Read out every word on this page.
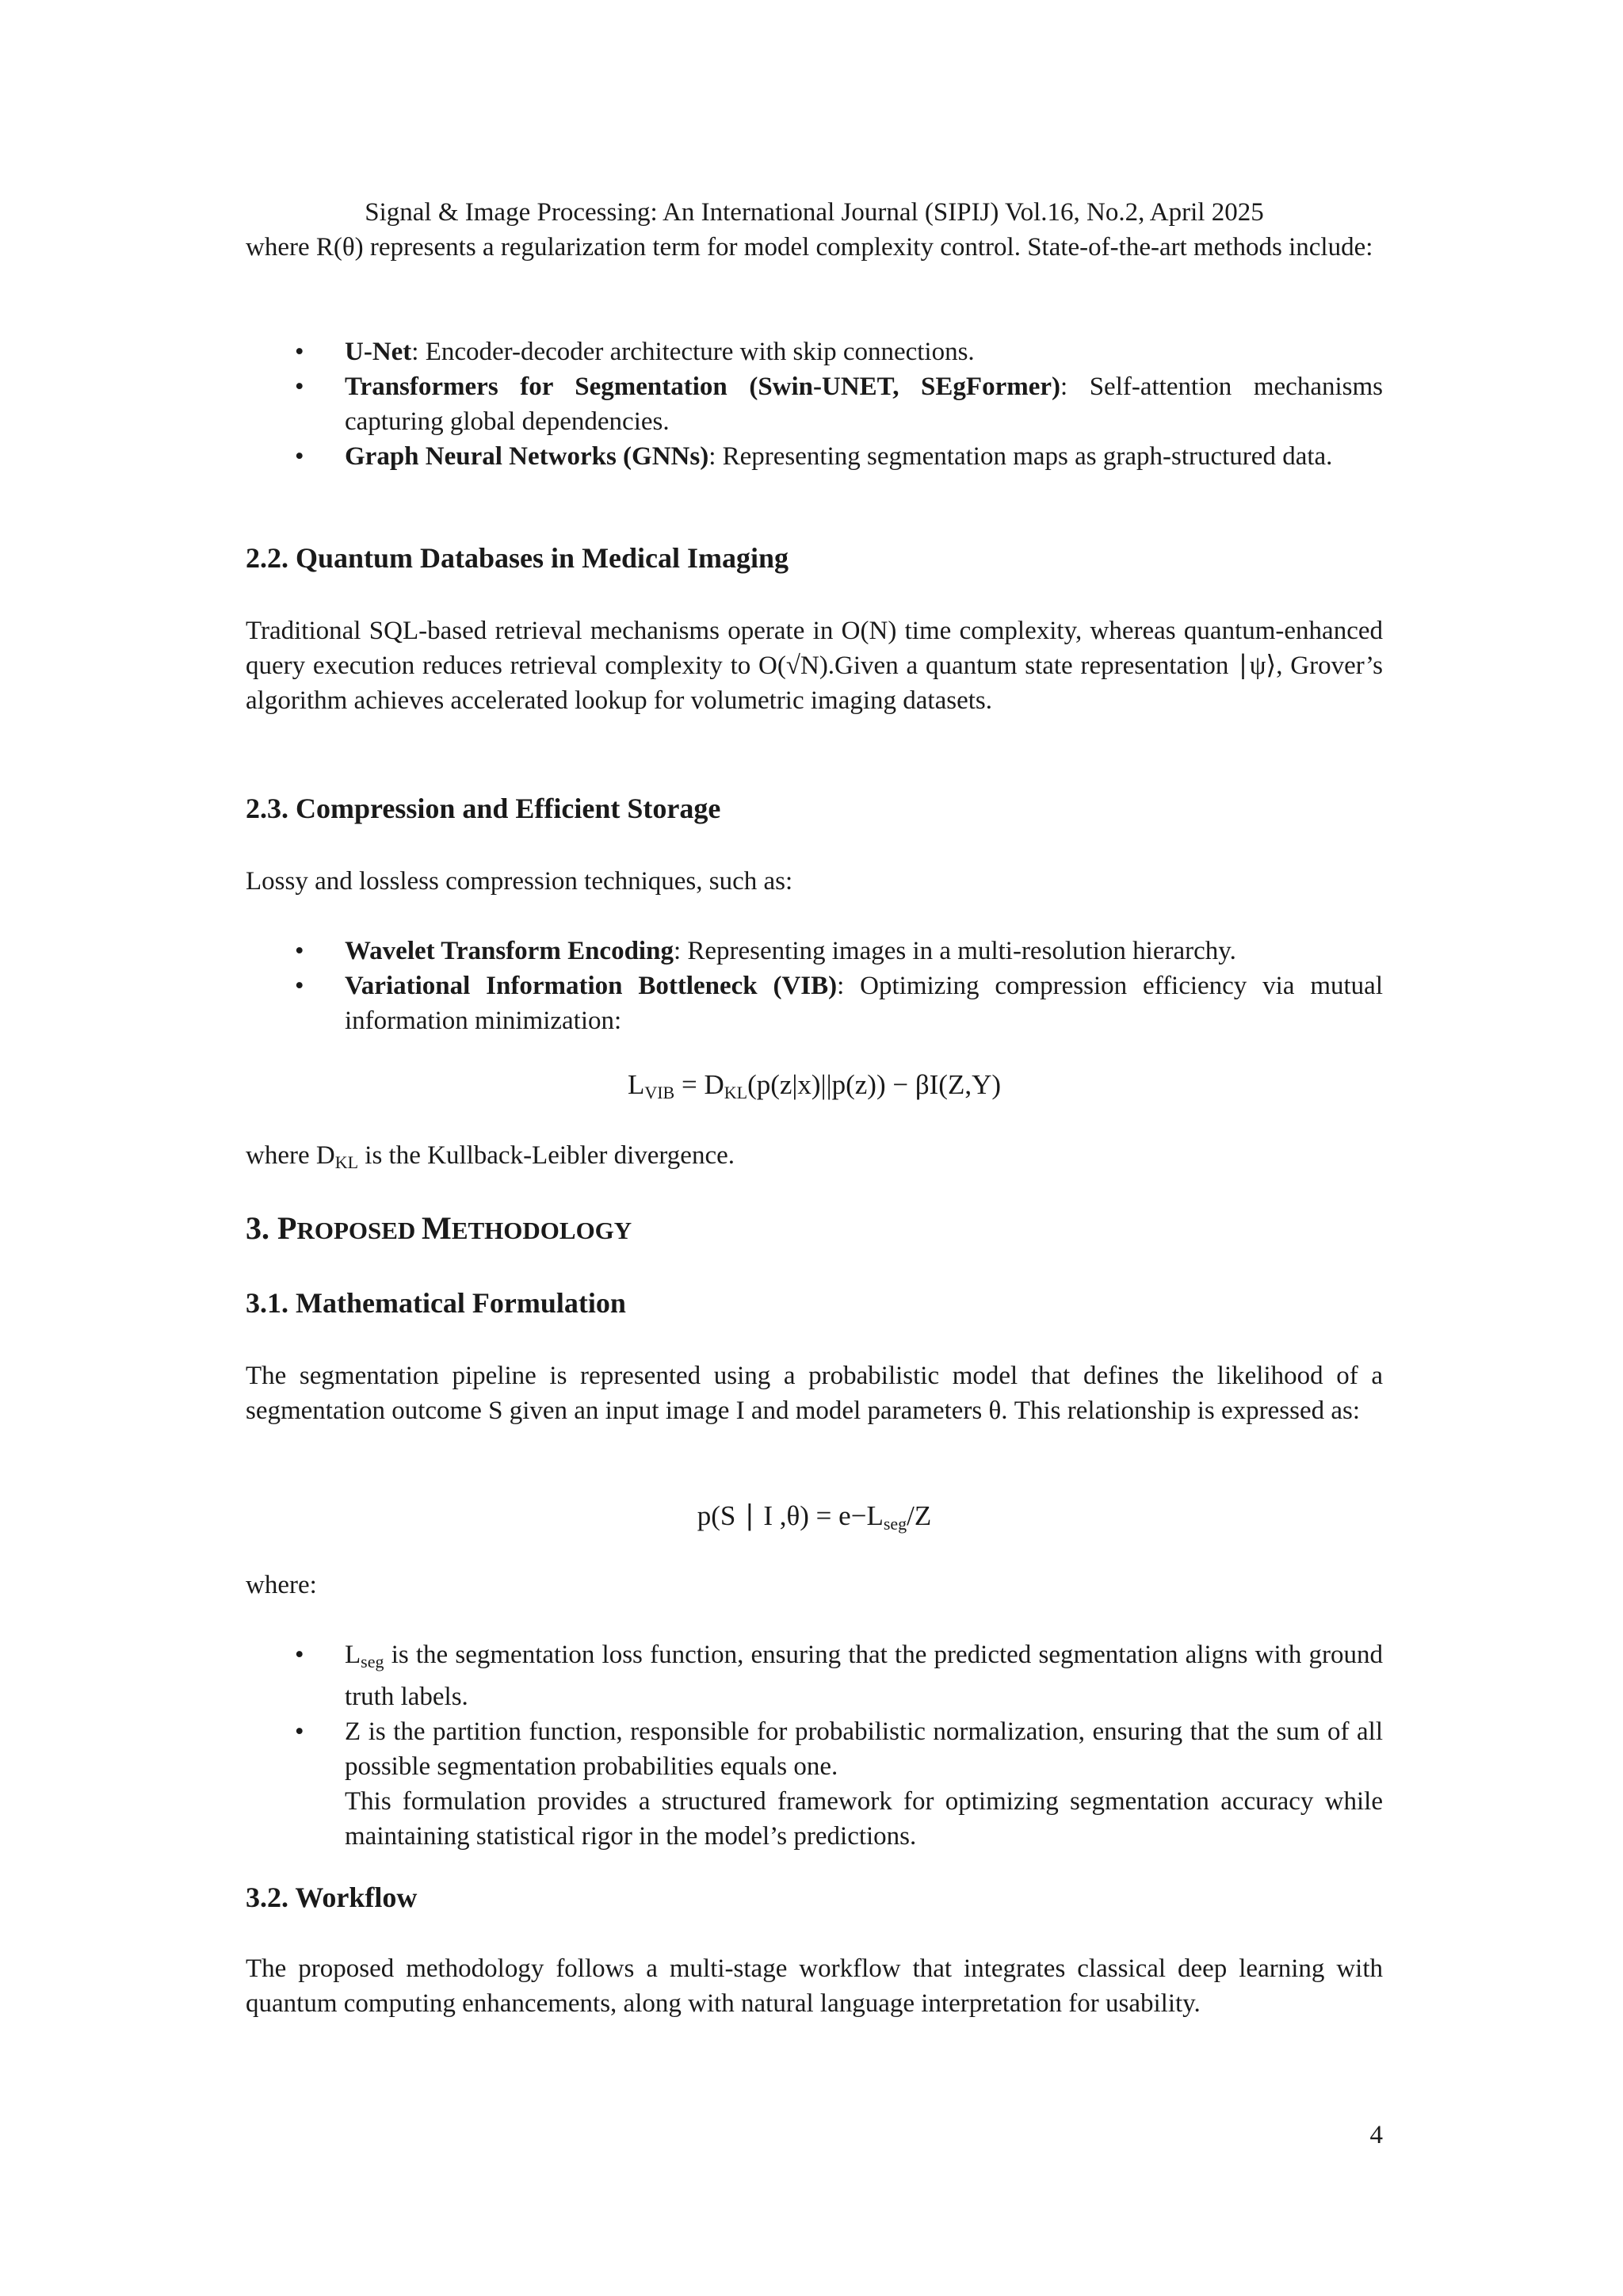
Signal & Image Processing: An International Journal (SIPIJ) Vol.16, No.2, April 2025

where R(θ) represents a regularization term for model complexity control. State-of-the-art methods include:

• U-Net: Encoder-decoder architecture with skip connections.
• Transformers for Segmentation (Swin-UNET, SEgFormer): Self-attention mechanisms capturing global dependencies.
• Graph Neural Networks (GNNs): Representing segmentation maps as graph-structured data.
2.2. Quantum Databases in Medical Imaging

Traditional SQL-based retrieval mechanisms operate in O(N) time complexity, whereas quantum-enhanced query execution reduces retrieval complexity to O(√N).Given a quantum state representation ∣ψ⟩, Grover’s algorithm achieves accelerated lookup for volumetric imaging datasets.

2.3. Compression and Efficient Storage

Lossy and lossless compression techniques, such as:

• Wavelet Transform Encoding: Representing images in a multi-resolution hierarchy.
• Variational Information Bottleneck (VIB): Optimizing compression efficiency via mutual information minimization:
$L_{VIB} = D_{KL}(p(z|x)||p(z)) - \beta I(Z,Y)$

where $D_{KL}$ is the Kullback-Leibler divergence.

3. PROPOSED METHODOLOGY
3.1. Mathematical Formulation

The segmentation pipeline is represented using a probabilistic model that defines the likelihood of a segmentation outcome S given an input image I and model parameters θ. This relationship is expressed as:

p(S ∣ I $,\theta) = e-L_{seg}/Z$

where:

• $L_{seg}$ is the segmentation loss function, ensuring that the predicted segmentation aligns with ground truth labels.
• Z is the partition function, responsible for probabilistic normalization, ensuring that the sum of all possible segmentation probabilities equals one.
This formulation provides a structured framework for optimizing segmentation accuracy while maintaining statistical rigor in the model’s predictions.
3.2. Workflow

The proposed methodology follows a multi-stage workflow that integrates classical deep learning with quantum computing enhancements, along with natural language interpretation for usability.

4
